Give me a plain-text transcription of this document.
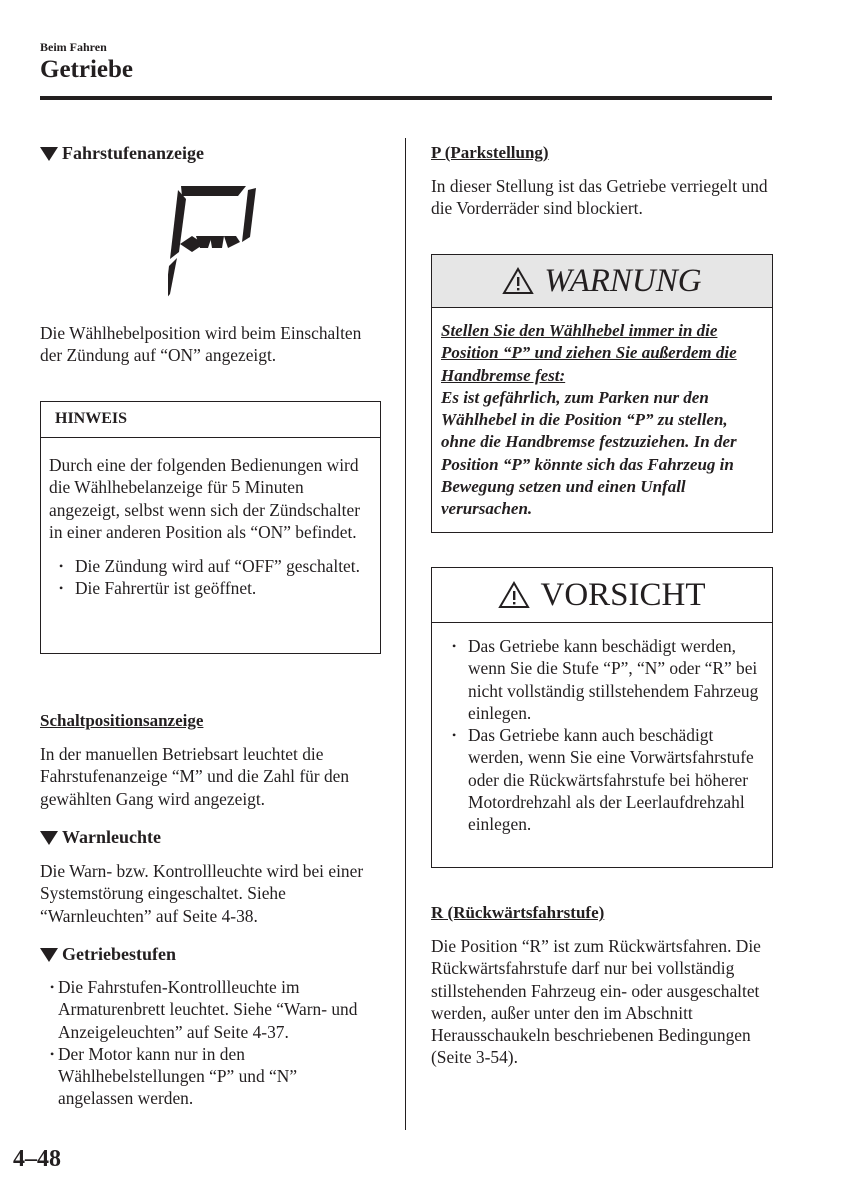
Beim Fahren
Getriebe
Fahrstufenanzeige
Die Wählhebelposition wird beim Einschalten der Zündung auf “ON” angezeigt.
HINWEIS
Durch eine der folgenden Bedienungen wird die Wählhebelanzeige für 5 Minuten angezeigt, selbst wenn sich der Zündschalter in einer anderen Position als “ON” befindet.
• Die Zündung wird auf “OFF” geschaltet.
• Die Fahrertür ist geöffnet.
Schaltpositionsanzeige
In der manuellen Betriebsart leuchtet die Fahrstufenanzeige “M” und die Zahl für den gewählten Gang wird angezeigt.
Warnleuchte
Die Warn- bzw. Kontrollleuchte wird bei einer Systemstörung eingeschaltet. Siehe “Warnleuchten” auf Seite 4-38.
Getriebestufen
• Die Fahrstufen-Kontrollleuchte im Armaturenbrett leuchtet. Siehe “Warn- und Anzeigeleuchten” auf Seite 4-37.
• Der Motor kann nur in den Wählhebelstellungen “P” und “N” angelassen werden.
P (Parkstellung)
In dieser Stellung ist das Getriebe verriegelt und die Vorderräder sind blockiert.
WARNUNG
Stellen Sie den Wählhebel immer in die Position “P” und ziehen Sie außerdem die Handbremse fest:
Es ist gefährlich, zum Parken nur den Wählhebel in die Position “P” zu stellen, ohne die Handbremse festzuziehen. In der Position “P” könnte sich das Fahrzeug in Bewegung setzen und einen Unfall verursachen.
VORSICHT
• Das Getriebe kann beschädigt werden, wenn Sie die Stufe “P”, “N” oder “R” bei nicht vollständig stillstehendem Fahrzeug einlegen.
• Das Getriebe kann auch beschädigt werden, wenn Sie eine Vorwärtsfahrstufe oder die Rückwärtsfahrstufe bei höherer Motordrehzahl als der Leerlaufdrehzahl einlegen.
R (Rückwärtsfahrstufe)
Die Position “R” ist zum Rückwärtsfahren. Die Rückwärtsfahrstufe darf nur bei vollständig stillstehenden Fahrzeug ein- oder ausgeschaltet werden, außer unter den im Abschnitt Herausschaukeln beschriebenen Bedingungen (Seite 3-54).
4–48
